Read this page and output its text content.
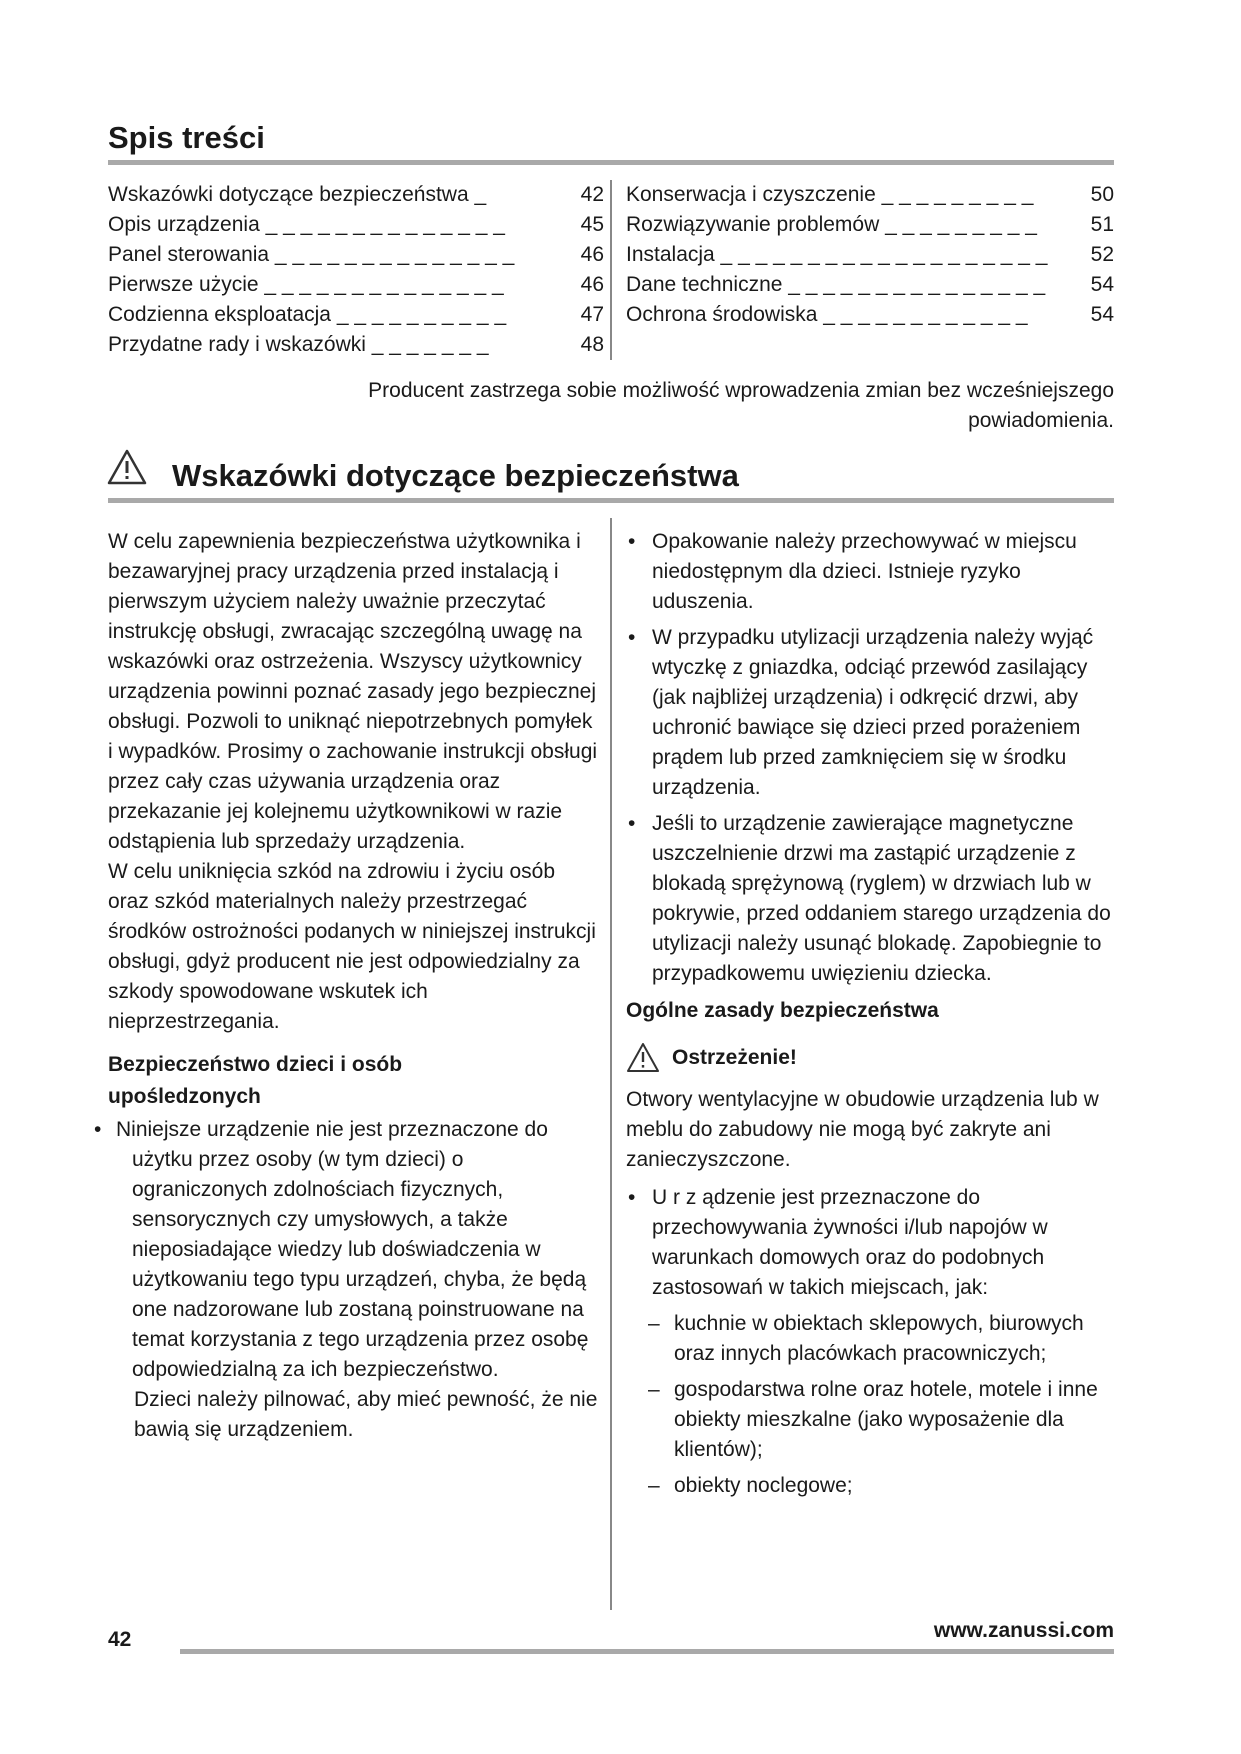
Spis treści
Wskazówki dotyczące bezpieczeństwa _	42
Opis urządzenia _ _ _ _ _ _ _ _ _ _ _ _ _ _	45
Panel sterowania _ _ _ _ _ _ _ _ _ _ _ _ _ _	46
Pierwsze użycie _ _ _ _ _ _ _ _ _ _ _ _ _ _	46
Codzienna eksploatacja _ _ _ _ _ _ _ _ _ _	47
Przydatne rady i wskazówki _ _ _ _ _ _ _	48
Konserwacja i czyszczenie _ _ _ _ _ _ _ _ _	50
Rozwiązywanie problemów _ _ _ _ _ _ _ _ _	51
Instalacja _ _ _ _ _ _ _ _ _ _ _ _ _ _ _ _ _ _ _ 52
Dane techniczne _ _ _ _ _ _ _ _ _ _ _ _ _ _ _ 54
Ochrona środowiska _ _ _ _ _ _ _ _ _ _ _ _	54
Producent zastrzega sobie możliwość wprowadzenia zmian bez wcześniejszego
powiadomienia.
Wskazówki dotyczące bezpieczeństwa
W celu zapewnienia bezpieczeństwa użytkownika i bezawaryjnej pracy urządzenia przed instalacją i pierwszym użyciem należy uważnie przeczytać instrukcję obsługi, zwracając szczególną uwagę na wskazówki oraz ostrzeżenia. Wszyscy użytkownicy urządzenia powinni poznać zasady jego bezpiecznej obsługi. Pozwoli to uniknąć niepotrzebnych pomyłek i wypadków. Prosimy o zachowanie instrukcji obsługi przez cały czas używania urządzenia oraz przekazanie jej kolejnemu użytkownikowi w razie odstąpienia lub sprzedaży urządzenia.
W celu uniknięcia szkód na zdrowiu i życiu osób oraz szkód materialnych należy przestrzegać środków ostrożności podanych w niniejszej instrukcji obsługi, gdyż producent nie jest odpowiedzialny za szkody spowodowane wskutek ich nieprzestrzegania.
Bezpieczeństwo dzieci i osób upośledzonych
• Niniejsze urządzenie nie jest przeznaczone do użytku przez osoby (w tym dzieci) o ograniczonych zdolnościach fizycznych, sensorycznych czy umysłowych, a także nieposiadające wiedzy lub doświadczenia w użytkowaniu tego typu urządzeń, chyba, że będą one nadzorowane lub zostaną poinstruowane na temat korzystania z tego urządzenia przez osobę odpowiedzialną za ich bezpieczeństwo.
Dzieci należy pilnować, aby mieć pewność, że nie bawią się urządzeniem.
• Opakowanie należy przechowywać w miejscu niedostępnym dla dzieci. Istnieje ryzyko uduszenia.
• W przypadku utylizacji urządzenia należy wyjąć wtyczkę z gniazdka, odciąć przewód zasilający (jak najbliżej urządzenia) i odkręcić drzwi, aby uchronić bawiące się dzieci przed porażeniem prądem lub przed zamknięciem się w środku urządzenia.
• Jeśli to urządzenie zawierające magnetyczne uszczelnienie drzwi ma zastąpić urządzenie z blokadą sprężynową (ryglem) w drzwiach lub w pokrywie, przed oddaniem starego urządzenia do utylizacji należy usunąć blokadę. Zapobiegnie to przypadkowemu uwięzieniu dziecka.
Ogólne zasady bezpieczeństwa
Ostrzeżenie!
Otwory wentylacyjne w obudowie urządzenia lub w meblu do zabudowy nie mogą być zakryte ani zanieczyszczone.
• U r z ądzenie jest przeznaczone do przechowywania żywności i/lub napojów w warunkach domowych oraz do podobnych zastosowań w takich miejscach, jak:
– kuchnie w obiektach sklepowych, biurowych oraz innych placówkach pracowniczych;
– gospodarstwa rolne oraz hotele, motele i inne obiekty mieszkalne (jako wyposażenie dla klientów);
– obiekty noclegowe;
42	www.zanussi.com
